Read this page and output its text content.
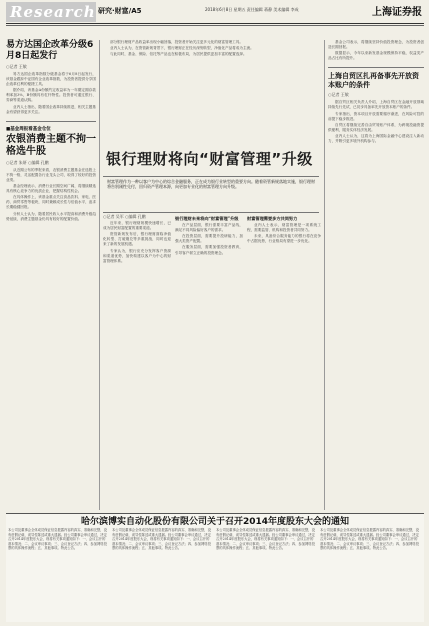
Research 研究·财富/A5	2018年6月8日 星期五 责任编辑 蒋静 美术编辑 李成	上海证券报
易方达国企改革分级6月8日起发行
○记者 王敏

易方达国企改革指数分级基金将于6月8日起发行，该基金跟踪中证国有企业改革指数，为投资者提供分享国企改革红利的便捷工具。

据介绍，该基金A份额约定收益率为一年期定期存款利率加3%，B份额具有杠杆特性。投资者可通过银行、券商等渠道认购。

业内人士指出，随着国企改革持续推进，相关主题基金有望获得更多关注。

■基金周报看基金仓位
农银消费主题不拘一格选牛股
○记者 朱妍 ○编辑 孔鹏

从近期公布的季报来看，农银消费主题基金在选股上不拘一格，灵活配置各行业龙头公司，取得了较好的投资业绩。

基金经理表示，消费行业长期空间广阔，将继续精选具有核心竞争力的优质企业，把握结构性机会。

在具体操作上，该基金重点关注食品饮料、家电、医药、商贸零售等板块，同时兼顾成长性与估值水平，追求长期稳健回报。

分析人士认为，随着居民收入水平提高和消费升级趋势延续，消费主题基金仍具有较好的配置价值。

部分银行理财产品收益率出现小幅回落，投资者开始关注更多元化的财富管理工具。

业内人士认为，在资管新规背景下，银行理财正在经历深刻转型，净值化产品将成为主流。

与此同时，基金、保险、信托等产品也在积极布局，为居民提供更加丰富的配置选择。

基金公司表示，将继续坚持价值投资理念，为投资者创造长期回报。

数据显示，今年以来新发基金规模保持平稳，权益类产品占比有所提升。

上海自贸区扎再备事先开放资本账户的条件
○记者 王敏

据自贸区相关负责人介绍，上海自贸区在金融开放领域持续先行先试，已初步具备率先开放资本账户的条件。

专家指出，资本项目开放需要循序渐进，在风险可控的前提下稳步推进。

自贸区将继续完善自由贸易账户体系，为跨境投融资提供便利，服务实体经济发展。

业内人士认为，这将为上海国际金融中心建设注入新动力，并吸引更多境外机构参与。

银行理财将向“财富管理”升级
财富管理作为一种以客户为中心的综合金融服务，正在成为银行业转型的重要方向。随着资管新规落地实施，银行理财将告别刚性兑付，回归资产管理本源，向更加专业化的财富管理方向升级。
○记者 吴军 ○编辑 孔鹏

近年来，银行理财规模快速增长，已成为居民财富配置的重要渠道。

资管新规发布后，银行理财面临净值化转型、打破刚兑等多重挑战，同时也迎来了新的发展机遇。

专家认为，银行应充分发挥客户资源和渠道优势，加快构建以客户为中心的财富管理体系。

银行理财未来将向“财富管理”升级

在产品层面，银行需要丰富产品线，满足不同风险偏好客户的需求。

在投资层面，需要提升投研能力，加强大类资产配置。

在服务层面，需要加强投资者教育，引导客户树立正确的投资理念。

财富管理需要多方共同努力

业内人士表示，财富管理是一项系统工程，需要监管、机构和投资者共同努力。

未来，具备综合服务能力的银行将在竞争中占据优势，行业格局有望进一步优化。

哈尔滨博实自动化股份有限公司关于召开2014年度股东大会的通知
本公司及董事会全体成员保证信息披露内容的真实、准确和完整，没有虚假记载、误导性陈述或重大遗漏。经公司董事会审议通过，决定召开2014年度股东大会，现将有关事项通知如下：一、会议召开的基本情况；二、会议审议事项；三、会议登记方法；四、参加网络投票的具体操作流程；五、其他事项。特此公告。
本公司及董事会全体成员保证信息披露内容的真实、准确和完整，没有虚假记载、误导性陈述或重大遗漏。经公司董事会审议通过，决定召开2014年度股东大会，现将有关事项通知如下：一、会议召开的基本情况；二、会议审议事项；三、会议登记方法；四、参加网络投票的具体操作流程；五、其他事项。特此公告。
本公司及董事会全体成员保证信息披露内容的真实、准确和完整，没有虚假记载、误导性陈述或重大遗漏。经公司董事会审议通过，决定召开2014年度股东大会，现将有关事项通知如下：一、会议召开的基本情况；二、会议审议事项；三、会议登记方法；四、参加网络投票的具体操作流程；五、其他事项。特此公告。
本公司及董事会全体成员保证信息披露内容的真实、准确和完整，没有虚假记载、误导性陈述或重大遗漏。经公司董事会审议通过，决定召开2014年度股东大会，现将有关事项通知如下：一、会议召开的基本情况；二、会议审议事项；三、会议登记方法；四、参加网络投票的具体操作流程；五、其他事项。特此公告。
